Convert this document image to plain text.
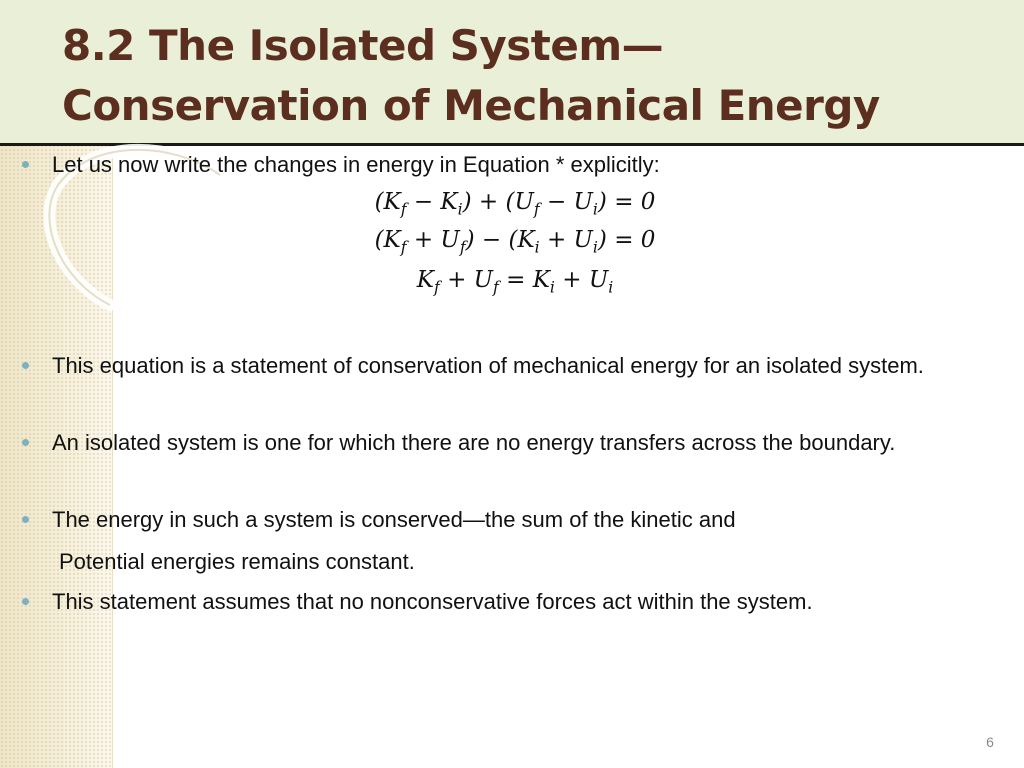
8.2 The Isolated System—
Conservation of Mechanical Energy
Let us now write the changes in energy in Equation * explicitly:
$(K_f - K_i) + (U_f - U_i) = 0$
$(K_f + U_f) - (K_i + U_i) = 0$
$K_f + U_f = K_i + U_i$
This equation is a statement of conservation of mechanical energy for an isolated system.
An isolated system is one for which there are no energy transfers across the boundary.
The energy in such a system is conserved—the sum of the kinetic and
Potential energies remains constant.
This statement assumes that no nonconservative forces act within the system.
6
